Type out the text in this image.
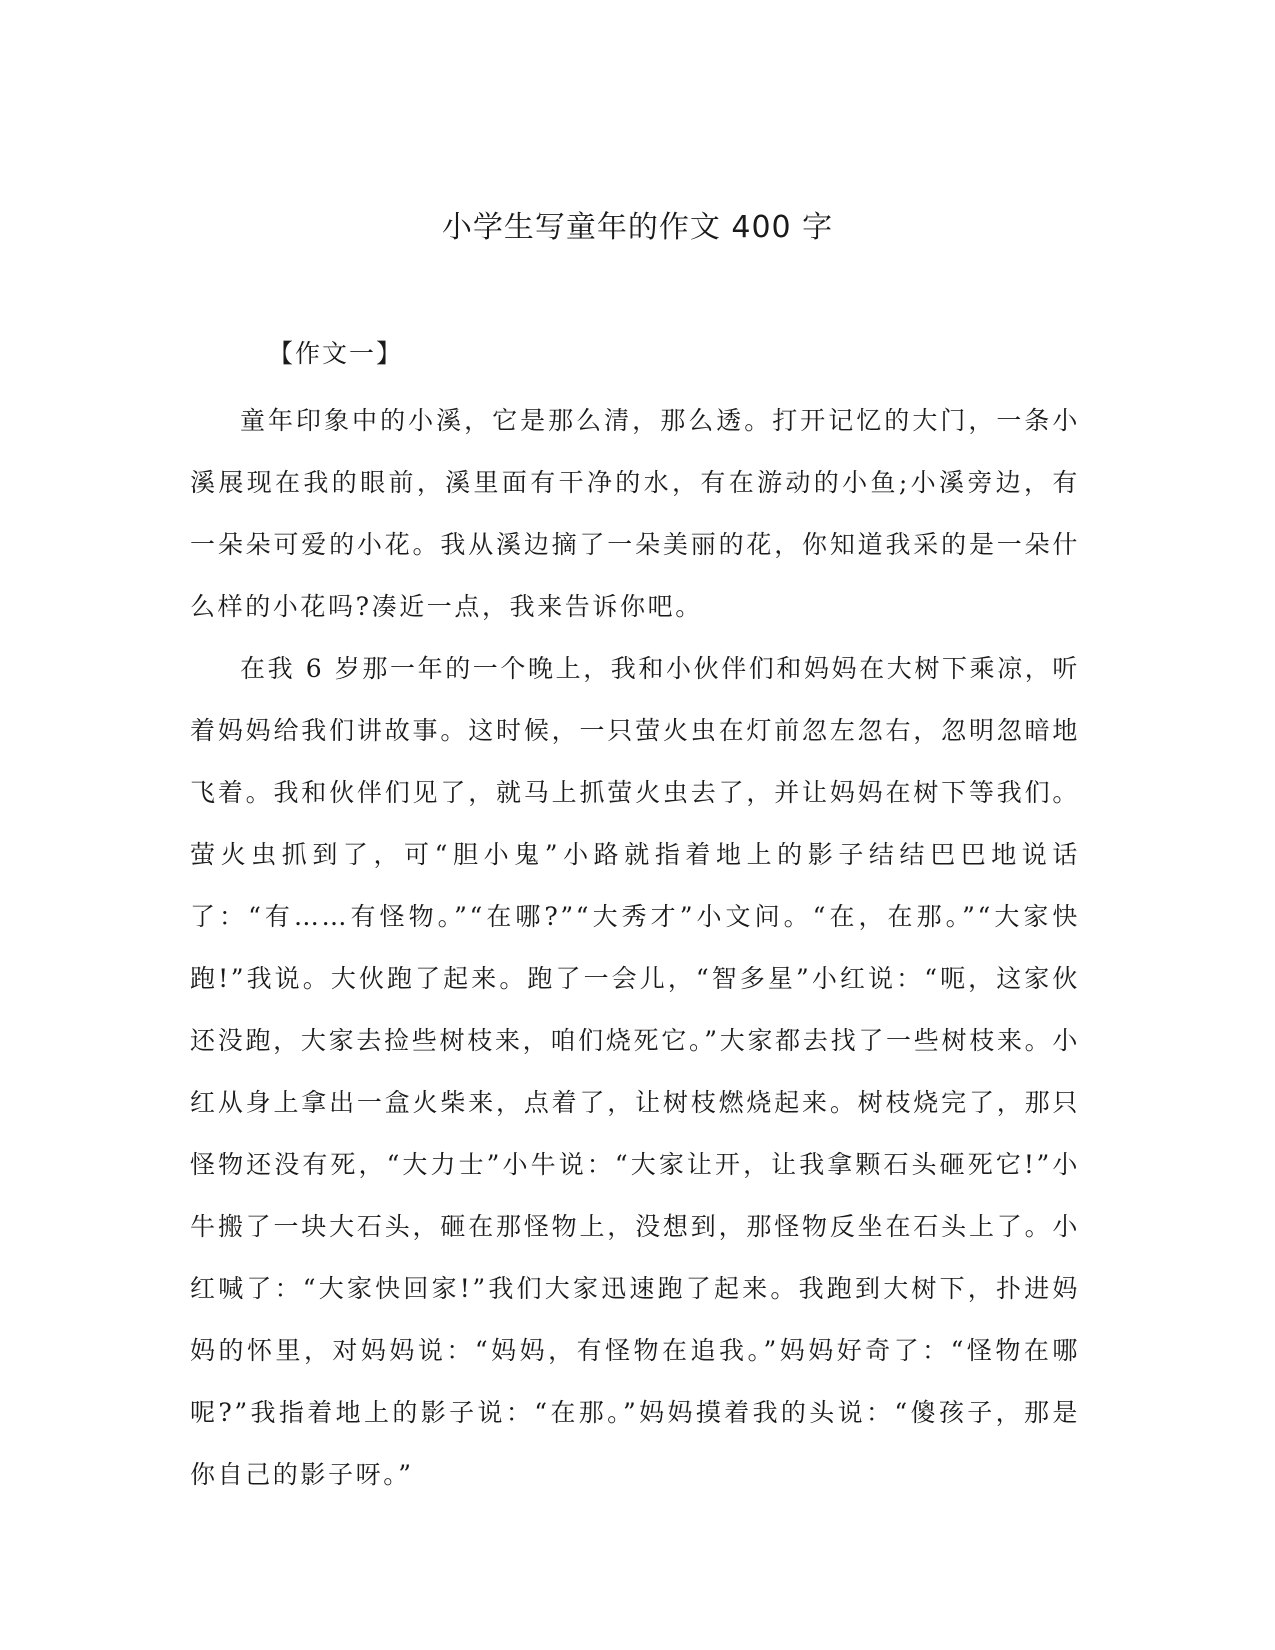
小学生写童年的作文 400 字
【作文一】

童年印象中的小溪，它是那么清，那么透。打开记忆的大门，一条小溪展现在我的眼前，溪里面有干净的水，有在游动的小鱼;小溪旁边，有一朵朵可爱的小花。我从溪边摘了一朵美丽的花，你知道我采的是一朵什么样的小花吗?凑近一点，我来告诉你吧。

在我 6 岁那一年的一个晚上，我和小伙伴们和妈妈在大树下乘凉，听着妈妈给我们讲故事。这时候，一只萤火虫在灯前忽左忽右，忽明忽暗地飞着。我和伙伴们见了，就马上抓萤火虫去了，并让妈妈在树下等我们。萤火虫抓到了，可“胆小鬼”小路就指着地上的影子结结巴巴地说话了：“有……有怪物。”“在哪?”“大秀才”小文问。“在，在那。”“大家快跑!”我说。大伙跑了起来。跑了一会儿，“智多星”小红说：“呃，这家伙还没跑，大家去捡些树枝来，咱们烧死它。”大家都去找了一些树枝来。小红从身上拿出一盒火柴来，点着了，让树枝燃烧起来。树枝烧完了，那只怪物还没有死，“大力士”小牛说：“大家让开，让我拿颗石头砸死它!”小牛搬了一块大石头，砸在那怪物上，没想到，那怪物反坐在石头上了。小红喊了：“大家快回家!”我们大家迅速跑了起来。我跑到大树下，扑进妈妈的怀里，对妈妈说：“妈妈，有怪物在追我。”妈妈好奇了：“怪物在哪呢?”我指着地上的影子说：“在那。”妈妈摸着我的头说：“傻孩子，那是你自己的影子呀。”
